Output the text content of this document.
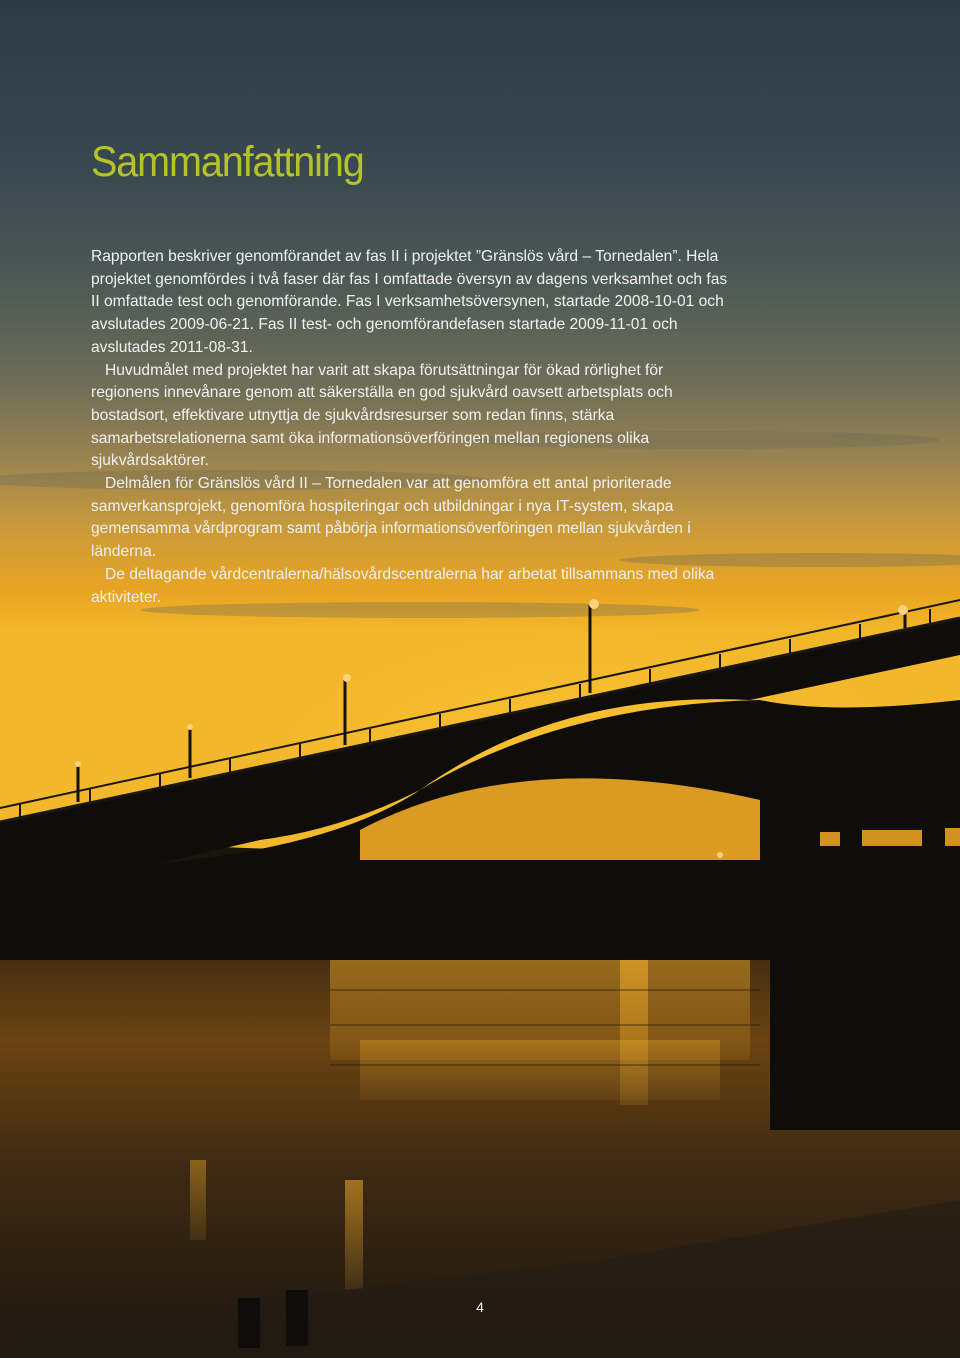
Sammanfattning

Rapporten beskriver genomförandet av fas II i projektet ”Gränslös vård – Tornedalen”. Hela projektet genomfördes i två faser där fas I omfattade översyn av dagens verksamhet och fas II omfattade test och genomförande. Fas I verksamhetsöversynen, startade 2008-10-01 och avslutades 2009-06-21. Fas II test- och genomförandefasen startade 2009-11-01 och avslutades 2011-08-31.

Huvudmålet med projektet har varit att skapa förutsättningar för ökad rörlighet för regionens innevånare genom att säkerställa en god sjukvård oavsett arbetsplats och bostadsort, effektivare utnyttja de sjukvårdsresurser som redan finns, stärka samarbetsrelationerna samt öka informationsöverföringen mellan regionens olika sjukvårdsaktörer.

Delmålen för Gränslös vård II – Tornedalen var att genomföra ett antal prioriterade samverkansprojekt, genomföra hospiteringar och utbildningar i nya IT-system, skapa gemensamma vårdprogram samt påbörja informationsöverföringen mellan sjukvården i länderna.

De deltagande vårdcentralerna/hälsovårdscentralerna har arbetat tillsammans med olika aktiviteter.

4
